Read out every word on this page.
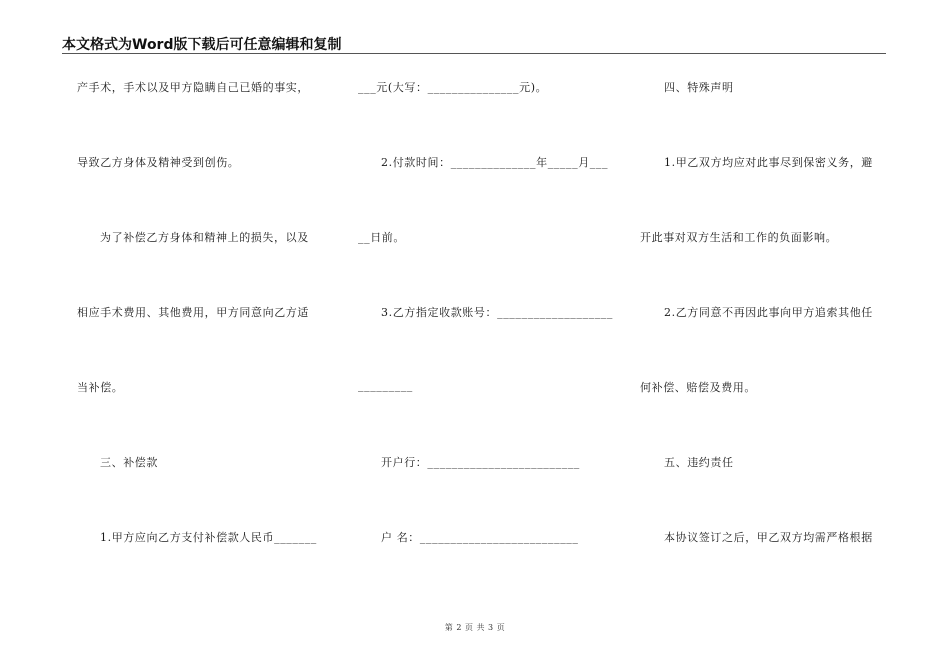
本文格式为Word版下载后可任意编辑和复制
产手术，手术以及甲方隐瞒自己已婚的事实，
导致乙方身体及精神受到创伤。
为了补偿乙方身体和精神上的损失，以及
相应手术费用、其他费用，甲方同意向乙方适
当补偿。
三、补偿款
1.甲方应向乙方支付补偿款人民币_______
___元(大写：_______________元)。
2.付款时间：______________年_____月___
__日前。
3.乙方指定收款账号：___________________
_________
开户行：_________________________
户 名：__________________________
四、特殊声明
1.甲乙双方均应对此事尽到保密义务，避
开此事对双方生活和工作的负面影响。
2.乙方同意不再因此事向甲方追索其他任
何补偿、赔偿及费用。
五、违约责任
本协议签订之后，甲乙双方均需严格根据
第 2 页 共 3 页
